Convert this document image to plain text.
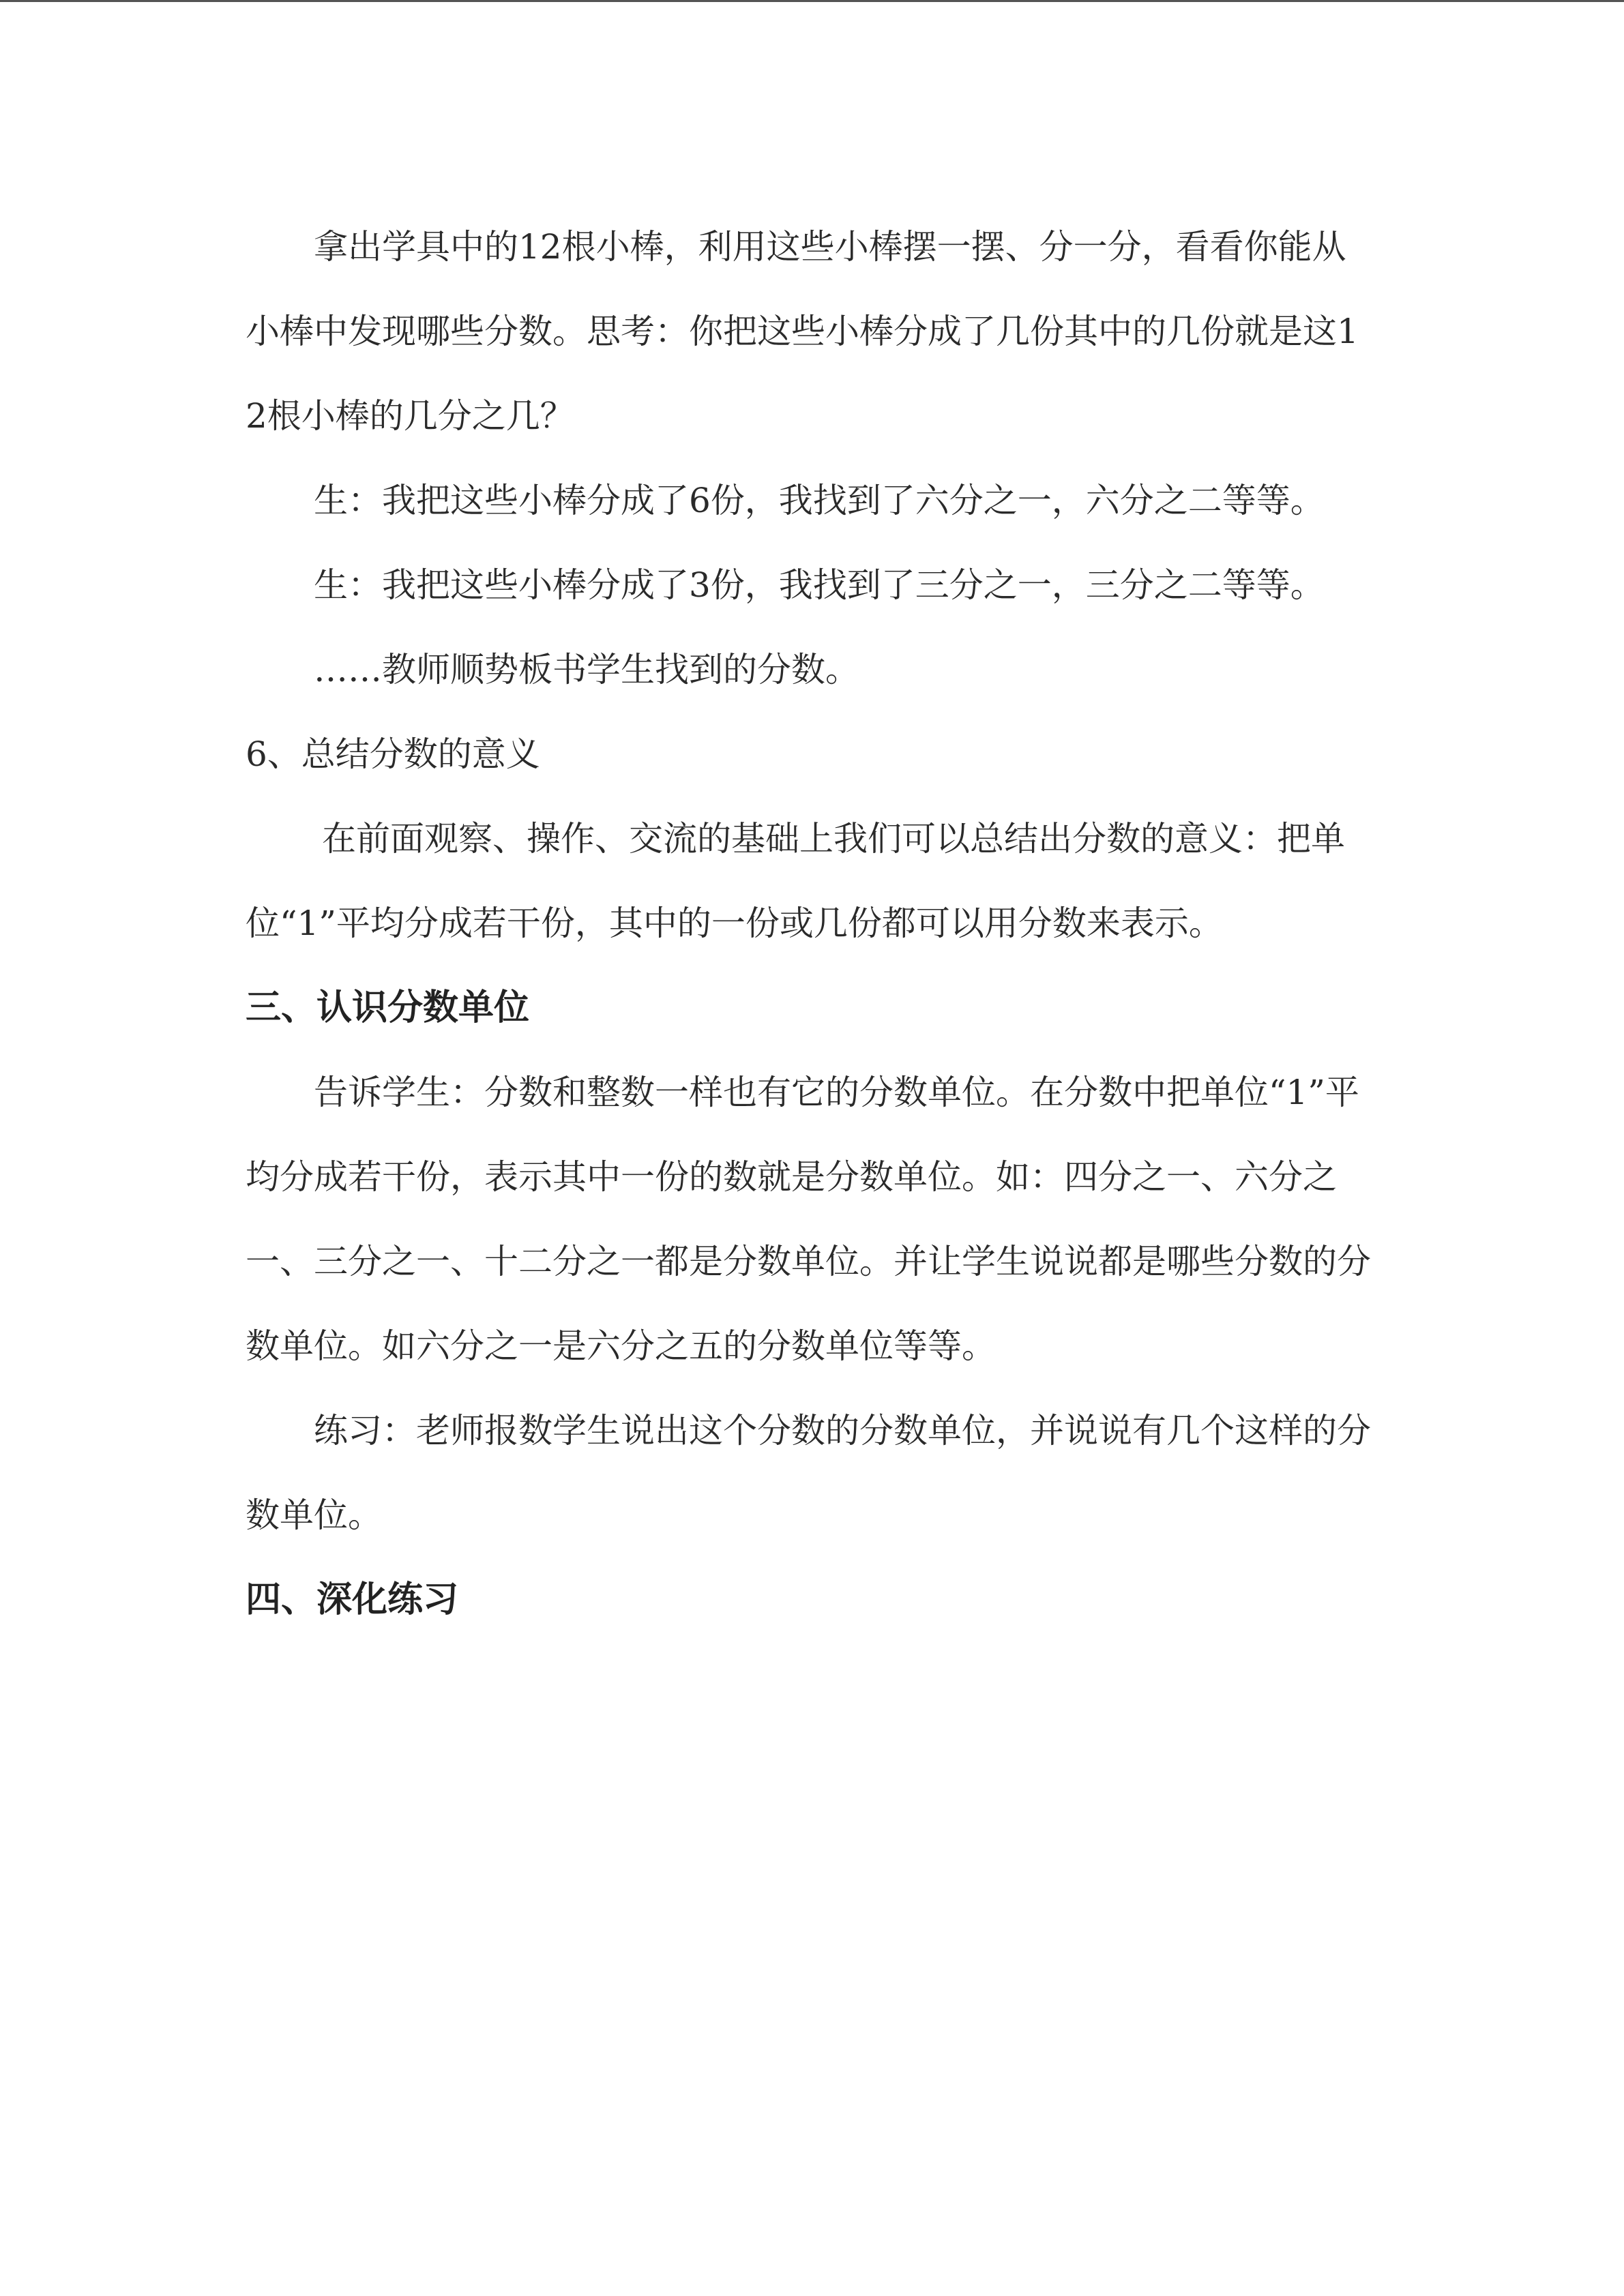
拿出学具中的12根小棒，利用这些小棒摆一摆、分一分，看看你能从小棒中发现哪些分数。思考：你把这些小棒分成了几份其中的几份就是这12根小棒的几分之几？

生：我把这些小棒分成了6份，我找到了六分之一，六分之二等等。

生：我把这些小棒分成了3份，我找到了三分之一，三分之二等等。

……教师顺势板书学生找到的分数。

6、总结分数的意义

在前面观察、操作、交流的基础上我们可以总结出分数的意义：把单位“1”平均分成若干份，其中的一份或几份都可以用分数来表示。

三、认识分数单位

告诉学生：分数和整数一样也有它的分数单位。在分数中把单位“1”平均分成若干份，表示其中一份的数就是分数单位。如：四分之一、六分之一、三分之一、十二分之一都是分数单位。并让学生说说都是哪些分数的分数单位。如六分之一是六分之五的分数单位等等。

练习：老师报数学生说出这个分数的分数单位，并说说有几个这样的分数单位。

四、深化练习
